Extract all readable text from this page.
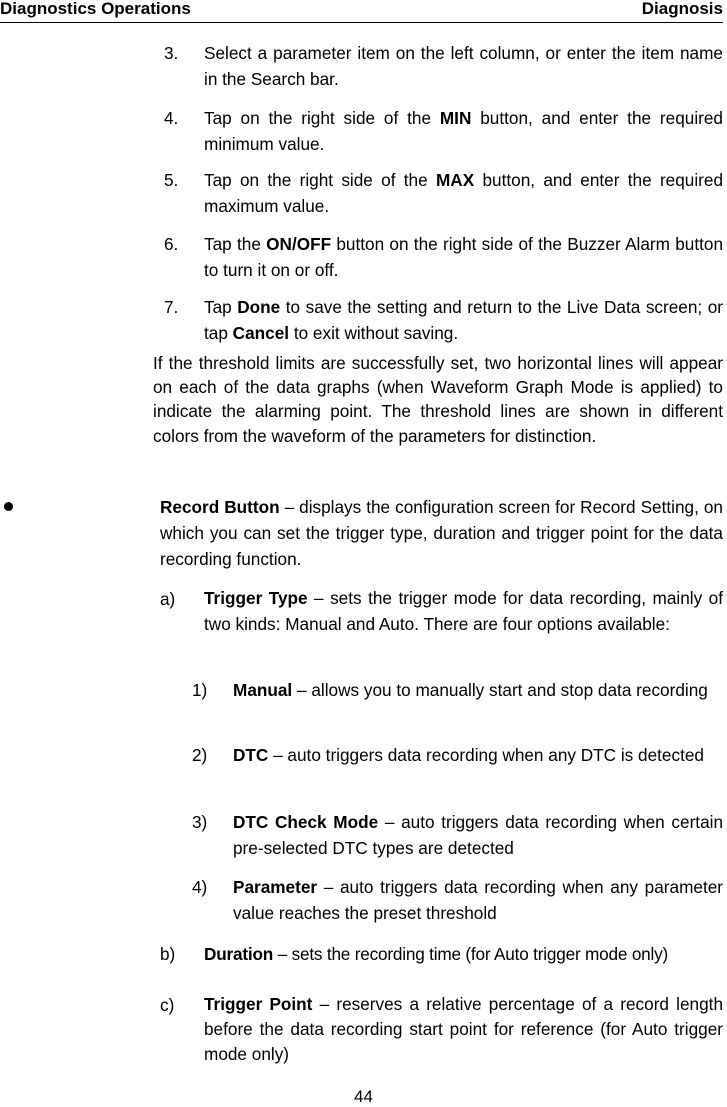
Diagnostics Operations	Diagnosis
3. Select a parameter item on the left column, or enter the item name in the Search bar.
4. Tap on the right side of the MIN button, and enter the required minimum value.
5. Tap on the right side of the MAX button, and enter the required maximum value.
6. Tap the ON/OFF button on the right side of the Buzzer Alarm button to turn it on or off.
7. Tap Done to save the setting and return to the Live Data screen; or tap Cancel to exit without saving.
If the threshold limits are successfully set, two horizontal lines will appear on each of the data graphs (when Waveform Graph Mode is applied) to indicate the alarming point. The threshold lines are shown in different colors from the waveform of the parameters for distinction.
Record Button – displays the configuration screen for Record Setting, on which you can set the trigger type, duration and trigger point for the data recording function.
a) Trigger Type – sets the trigger mode for data recording, mainly of two kinds: Manual and Auto. There are four options available:
1) Manual – allows you to manually start and stop data recording
2) DTC – auto triggers data recording when any DTC is detected
3) DTC Check Mode – auto triggers data recording when certain pre-selected DTC types are detected
4) Parameter – auto triggers data recording when any parameter value reaches the preset threshold
b) Duration – sets the recording time (for Auto trigger mode only)
c) Trigger Point – reserves a relative percentage of a record length before the data recording start point for reference (for Auto trigger mode only)
44
